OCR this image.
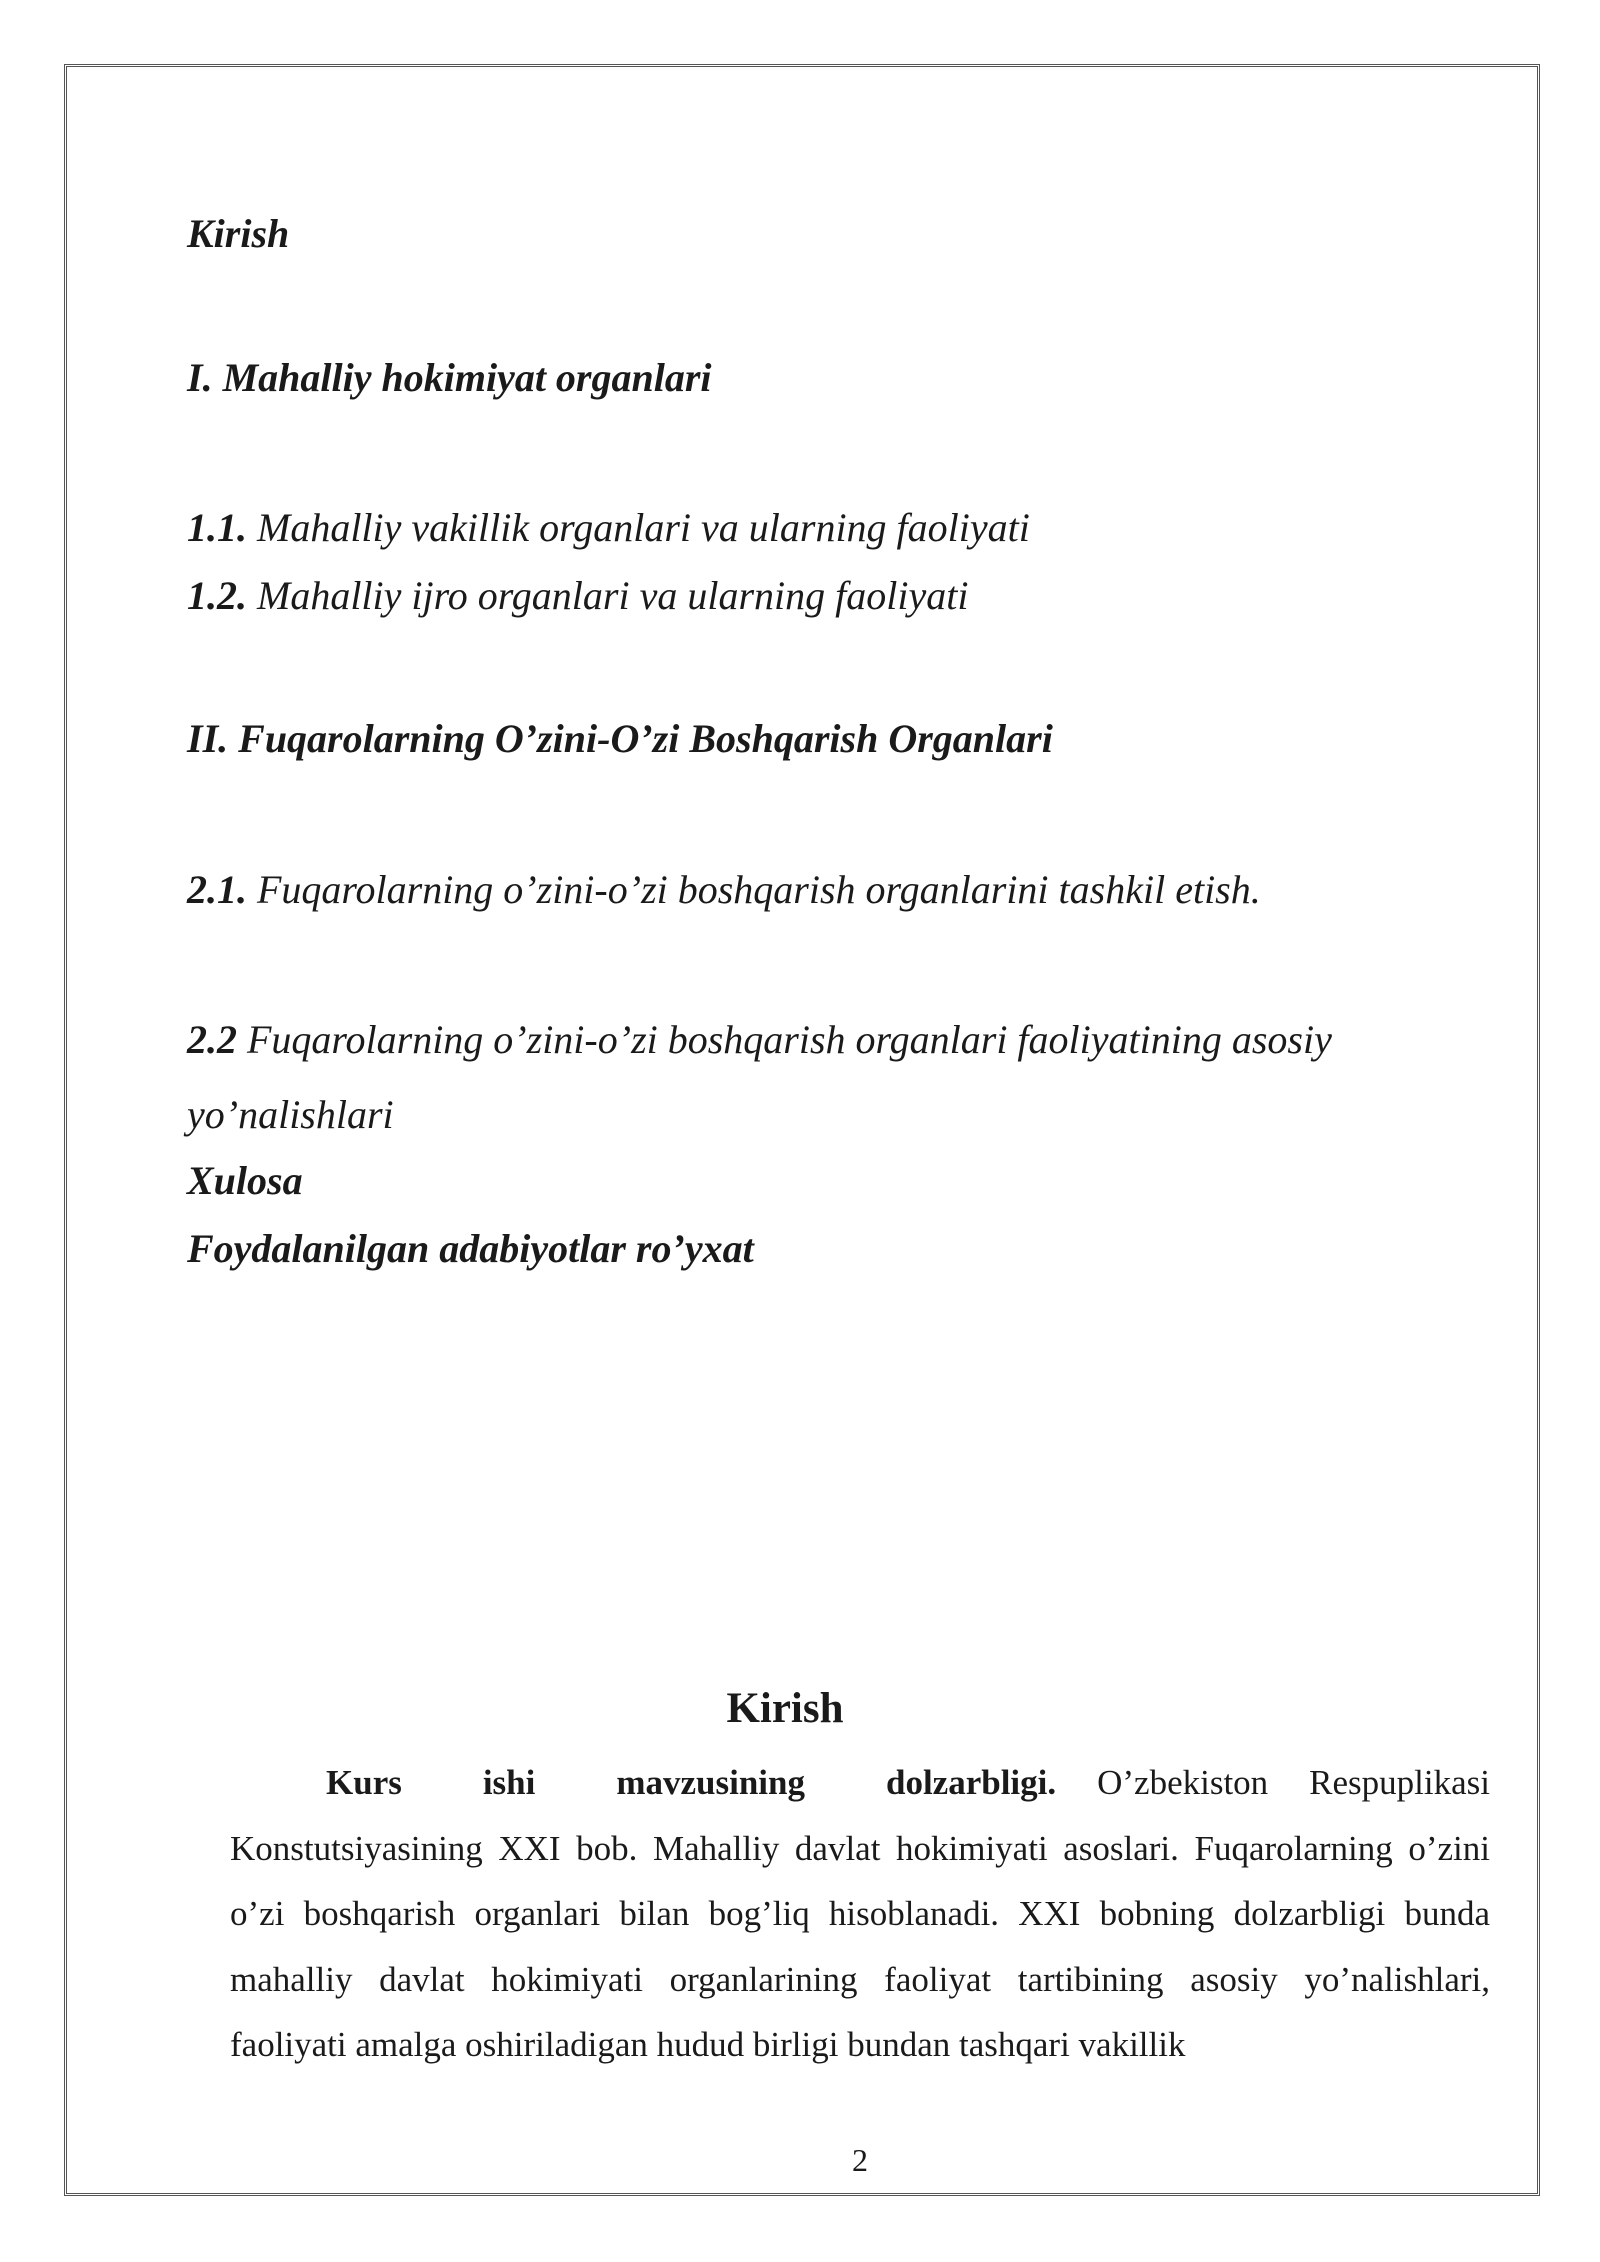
Kirish

I. Mahalliy hokimiyat organlari

1.1. Mahalliy vakillik organlari va ularning faoliyati

1.2. Mahalliy ijro organlari va ularning faoliyati

II. Fuqarolarning O’zini-O’zi Boshqarish Organlari

2.1. Fuqarolarning o’zini-o’zi boshqarish organlarini tashkil etish.

2.2 Fuqarolarning o’zini-o’zi boshqarish organlari faoliyatining asosiy yo’nalishlari

Xulosa

Foydalanilgan adabiyotlar ro’yxat

Kirish

Kurs ishi mavzusining dolzarbligi. O’zbekiston Respuplikasi Konstutsiyasining XXI bob. Mahalliy davlat hokimiyati asoslari. Fuqarolarning o’zini o’zi boshqarish organlari bilan bog’liq hisoblanadi. XXI bobning dolzarbligi bunda mahalliy davlat hokimiyati organlarining faoliyat tartibining asosiy yo’nalishlari, faoliyati amalga oshiriladigan hudud birligi bundan tashqari vakillik

2
